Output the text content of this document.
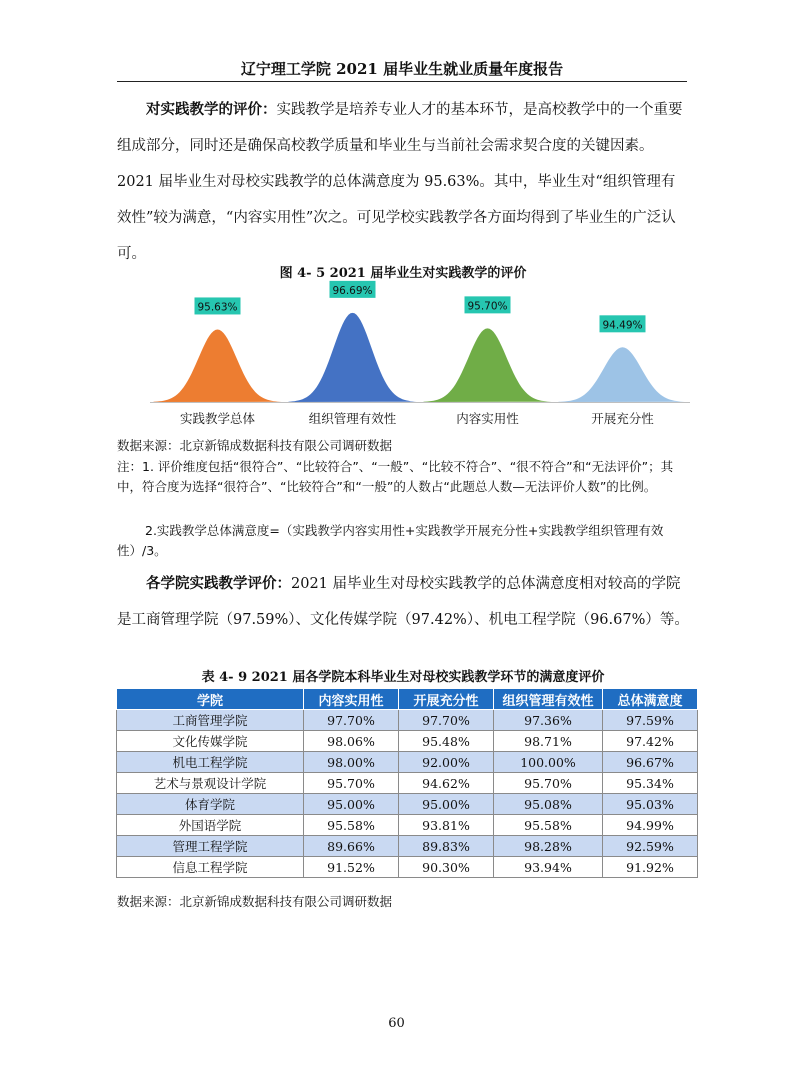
辽宁理工学院 2021 届毕业生就业质量年度报告

对实践教学的评价：实践教学是培养专业人才的基本环节，是高校教学中的一个重要组成部分，同时还是确保高校教学质量和毕业生与当前社会需求契合度的关键因素。2021 届毕业生对母校实践教学的总体满意度为 95.63%。其中，毕业生对“组织管理有效性”较为满意，“内容实用性”次之。可见学校实践教学各方面均得到了毕业生的广泛认可。

图 4- 5 2021 届毕业生对实践教学的评价
95.63%
实践教学总体
96.69%
组织管理有效性
95.70%
内容实用性
94.49%
开展充分性

数据来源：北京新锦成数据科技有限公司调研数据

注：1. 评价维度包括“很符合”、“比较符合”、“一般”、“比较不符合”、“很不符合”和“无法评价”；其中，符合度为选择“很符合”、“比较符合”和“一般”的人数占“此题总人数—无法评价人数”的比例。

2.实践教学总体满意度=（实践教学内容实用性+实践教学开展充分性+实践教学组织管理有效性）/3。

各学院实践教学评价：2021 届毕业生对母校实践教学的总体满意度相对较高的学院是工商管理学院（97.59%）、文化传媒学院（97.42%）、机电工程学院（96.67%）等。

表 4- 9 2021 届各学院本科毕业生对母校实践教学环节的满意度评价
学院	内容实用性	开展充分性	组织管理有效性	总体满意度
工商管理学院	97.70%	97.70%	97.36%	97.59%
文化传媒学院	98.06%	95.48%	98.71%	97.42%
机电工程学院	98.00%	92.00%	100.00%	96.67%
艺术与景观设计学院	95.70%	94.62%	95.70%	95.34%
体育学院	95.00%	95.00%	95.08%	95.03%
外国语学院	95.58%	93.81%	95.58%	94.99%
管理工程学院	89.66%	89.83%	98.28%	92.59%
信息工程学院	91.52%	90.30%	93.94%	91.92%

数据来源：北京新锦成数据科技有限公司调研数据

60
